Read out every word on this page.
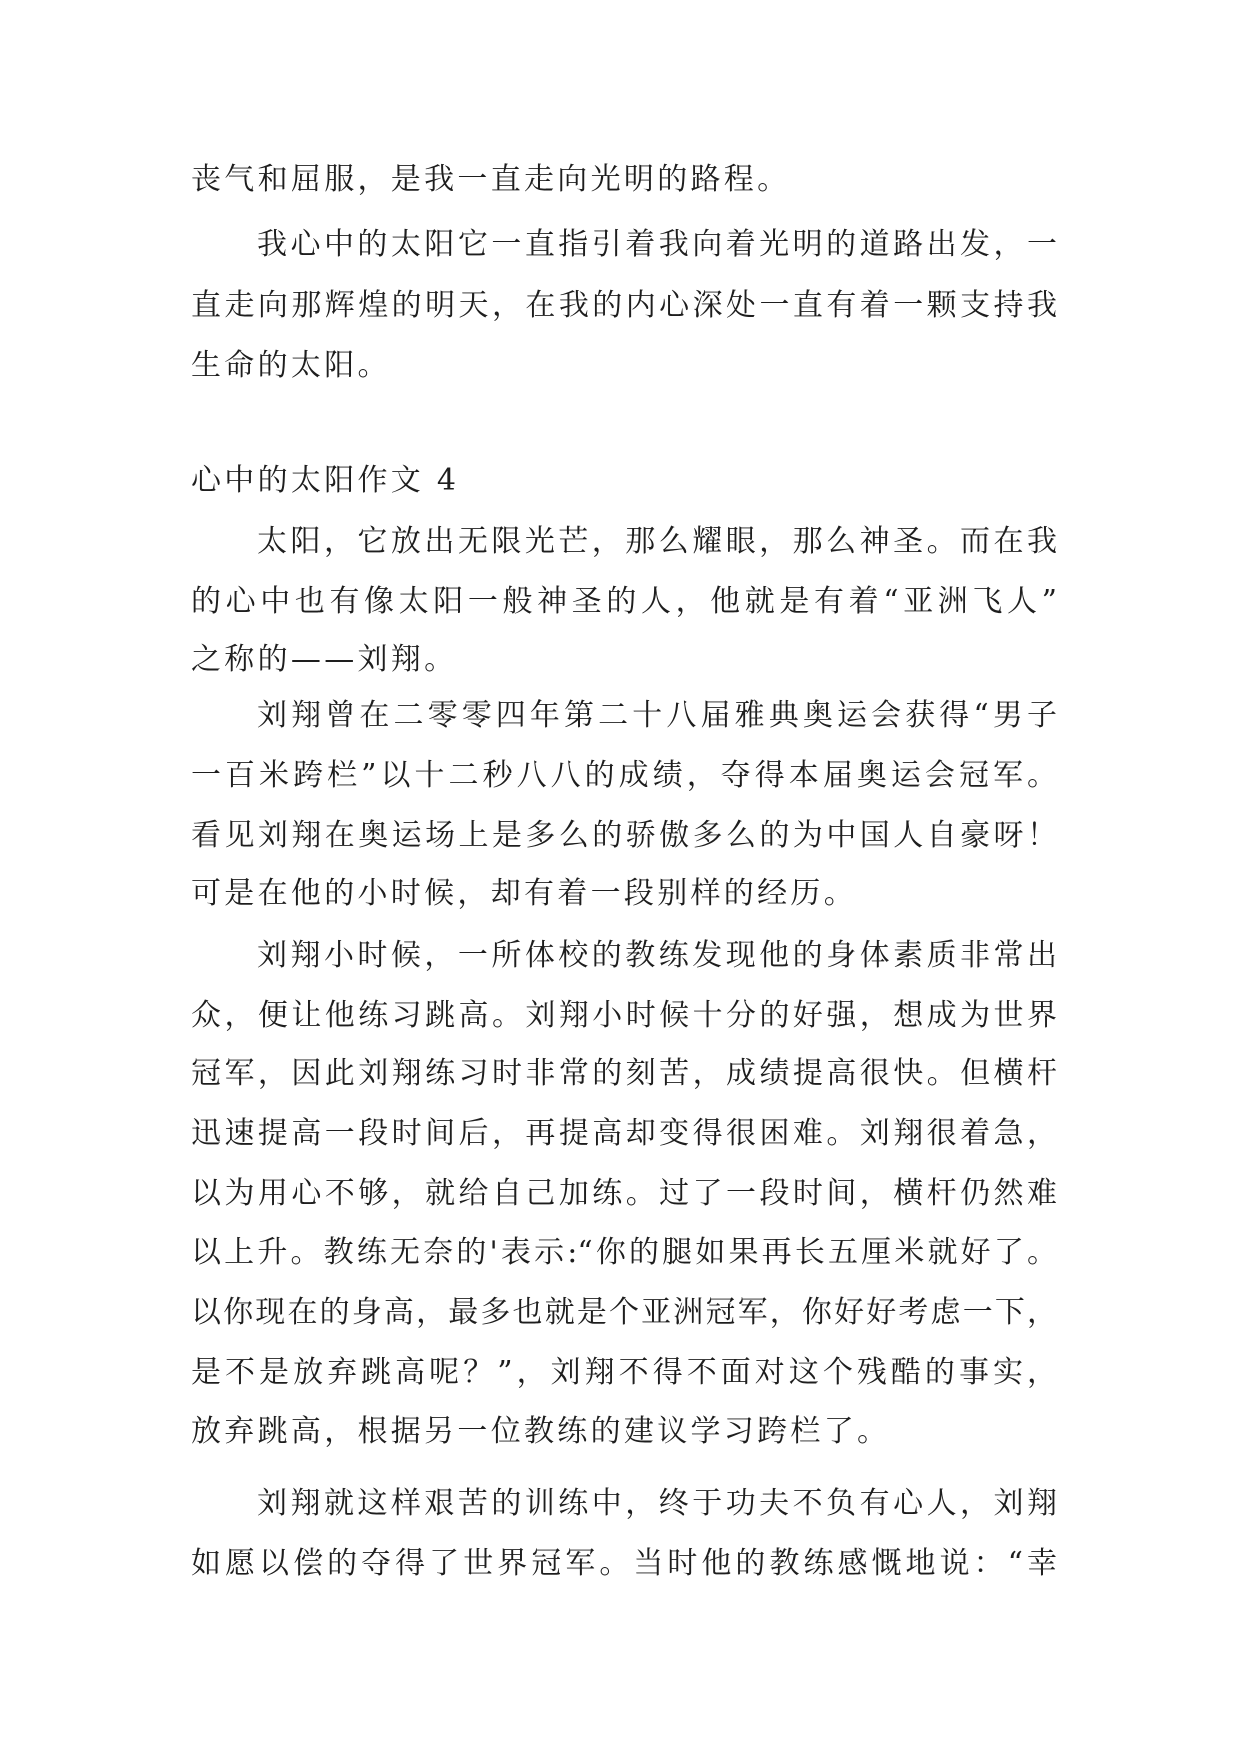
丧气和屈服，是我一直走向光明的路程。
我心中的太阳它一直指引着我向着光明的道路出发，一
直走向那辉煌的明天，在我的内心深处一直有着一颗支持我
生命的太阳。
心中的太阳作文 4
太阳，它放出无限光芒，那么耀眼，那么神圣。而在我
的心中也有像太阳一般神圣的人，他就是有着“亚洲飞人”
之称的——刘翔。
刘翔曾在二零零四年第二十八届雅典奥运会获得“男子
一百米跨栏”以十二秒八八的成绩，夺得本届奥运会冠军。
看见刘翔在奥运场上是多么的骄傲多么的为中国人自豪呀！
可是在他的小时候，却有着一段别样的经历。
刘翔小时候，一所体校的教练发现他的身体素质非常出
众，便让他练习跳高。刘翔小时候十分的好强，想成为世界
冠军，因此刘翔练习时非常的刻苦，成绩提高很快。但横杆
迅速提高一段时间后，再提高却变得很困难。刘翔很着急，
以为用心不够，就给自己加练。过了一段时间，横杆仍然难
以上升。教练无奈的'表示:“你的腿如果再长五厘米就好了。
以你现在的身高，最多也就是个亚洲冠军，你好好考虑一下，
是不是放弃跳高呢？”，刘翔不得不面对这个残酷的事实，
放弃跳高，根据另一位教练的建议学习跨栏了。
刘翔就这样艰苦的训练中，终于功夫不负有心人，刘翔
如愿以偿的夺得了世界冠军。当时他的教练感慨地说：“幸
